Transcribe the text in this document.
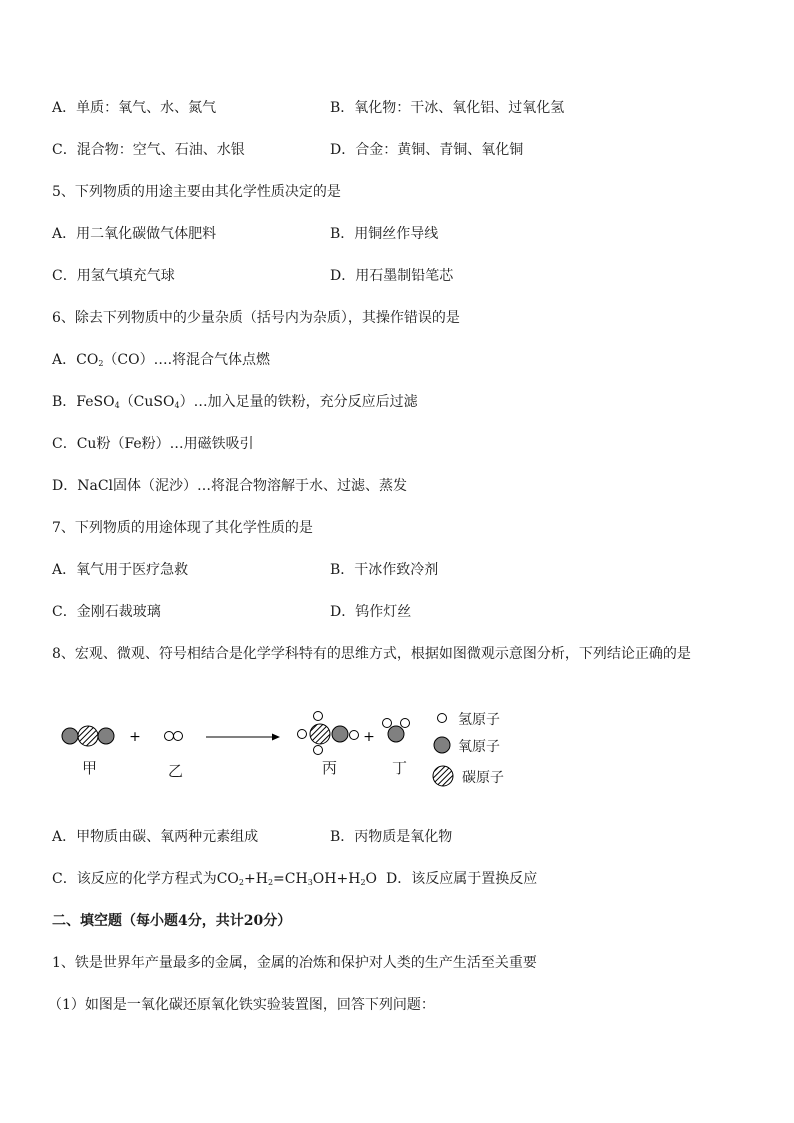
A．单质：氧气、水、氮气	B．氧化物：干冰、氧化铝、过氧化氢
C．混合物：空气、石油、水银	D．合金：黄铜、青铜、氧化铜
5、下列物质的用途主要由其化学性质决定的是
A．用二氧化碳做气体肥料	B．用铜丝作导线
C．用氢气填充气球	D．用石墨制铅笔芯
6、除去下列物质中的少量杂质（括号内为杂质），其操作错误的是
A．$CO_2(CO)\dots$.将混合气体点燃
B．FeSO$_4$（CuSO$_4$）…加入足量的铁粉，充分反应后过滤
C．Cu粉（Fe粉）…用磁铁吸引
D．NaCl固体（泥沙）…将混合物溶解于水、过滤、蒸发
7、下列物质的用途体现了其化学性质的是
A．氧气用于医疗急救	B．干冰作致冷剂
C．金刚石裁玻璃	D．钨作灯丝
8、宏观、微观、符号相结合是化学学科特有的思维方式，根据如图微观示意图分析，下列结论正确的是
+	+
甲	乙	丙	丁
氢原子
氧原子
碳原子
A．甲物质由碳、氧两种元素组成	B．丙物质是氧化物
C．该反应的化学方程式为$CO_2+H_2=CH_3OH+H_2O$ D．该反应属于置换反应
二、填空题（每小题4分，共计20分）
1、铁是世界年产量最多的金属，金属的冶炼和保护对人类的生产生活至关重要
（1）如图是一氧化碳还原氧化铁实验装置图，回答下列问题：
